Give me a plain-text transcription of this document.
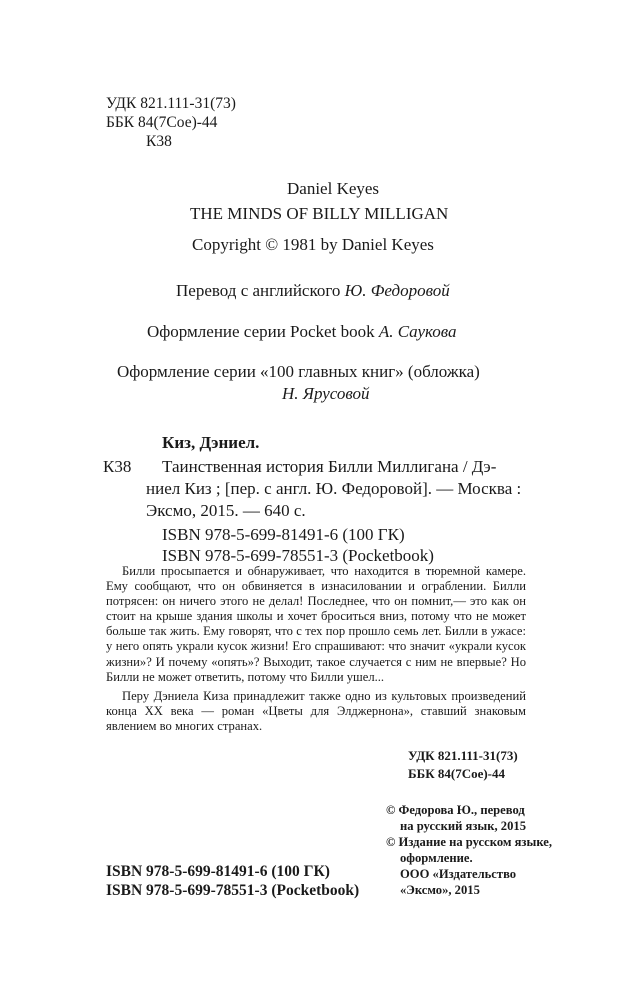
УДК 821.111-31(73)
ББК 84(7Сое)-44
К38
Daniel Keyes
THE MINDS OF BILLY MILLIGAN
Copyright © 1981 by Daniel Keyes
Перевод с английского Ю. Федоровой
Оформление серии Pocket book А. Саукова
Оформление серии «100 главных книг» (обложка)
Н. Ярусовой
Киз, Дэниел.
К38 Таинственная история Билли Миллигана / Дэ-
ниел Киз ; [пер. с англ. Ю. Федоровой]. — Москва :
Эксмо, 2015. — 640 с.
ISBN 978-5-699-81491-6 (100 ГК)
ISBN 978-5-699-78551-3 (Pocketbook)

Билли просыпается и обнаруживает, что находится в тюремной камере. Ему сообщают, что он обвиняется в изнасиловании и ограблении. Билли потрясен: он ничего этого не делал! Последнее, что он помнит,— это как он стоит на крыше здания школы и хочет броситься вниз, потому что не может больше так жить. Ему говорят, что с тех пор прошло семь лет. Билли в ужасе: у него опять украли кусок жизни! Его спрашивают: что значит «украли кусок жизни»? И почему «опять»? Выходит, такое случается с ним не впервые? Но Билли не может ответить, потому что Билли ушел...

Перу Дэниела Киза принадлежит также одно из культовых произведений конца XX века — роман «Цветы для Элджернона», ставший знаковым явлением во многих странах.

УДК 821.111-31(73)
ББК 84(7Сое)-44
© Федорова Ю., перевод
на русский язык, 2015
© Издание на русском языке,
оформление.
ООО «Издательство
«Эксмо», 2015
ISBN 978-5-699-81491-6 (100 ГК)
ISBN 978-5-699-78551-3 (Pocketbook)
